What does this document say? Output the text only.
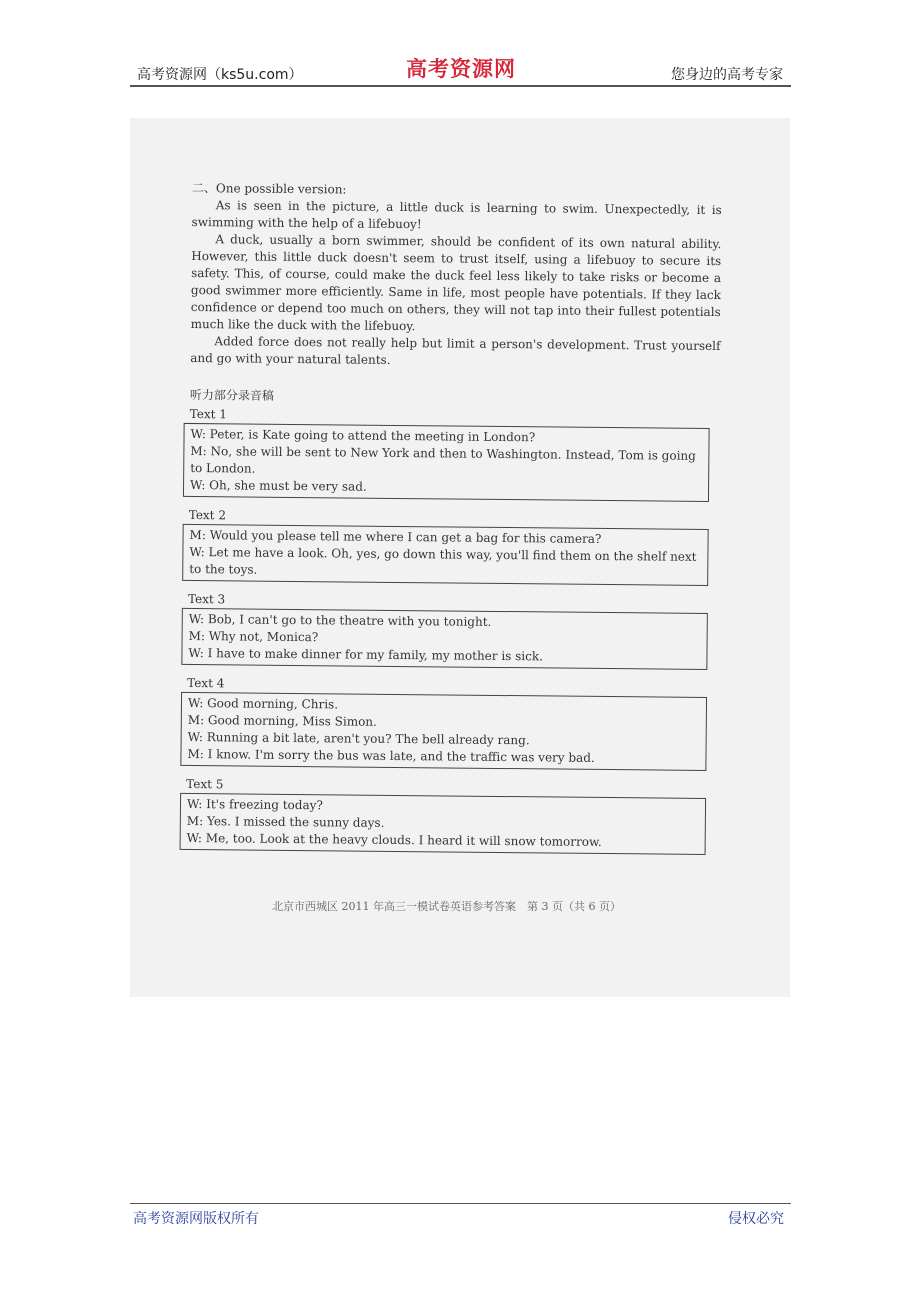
高考资源网（ks5u.com）	高考资源网	您身边的高考专家

二、One possible version:

As is seen in the picture, a little duck is learning to swim. Unexpectedly, it is swimming with the help of a lifebuoy!

A duck, usually a born swimmer, should be confident of its own natural ability. However, this little duck doesn't seem to trust itself, using a lifebuoy to secure its safety. This, of course, could make the duck feel less likely to take risks or become a good swimmer more efficiently. Same in life, most people have potentials. If they lack confidence or depend too much on others, they will not tap into their fullest potentials much like the duck with the lifebuoy.

Added force does not really help but limit a person's development. Trust yourself and go with your natural talents.

听力部分录音稿
Text 1
W: Peter, is Kate going to attend the meeting in London?
M: No, she will be sent to New York and then to Washington. Instead, Tom is going to London.
W: Oh, she must be very sad.
Text 2
M: Would you please tell me where I can get a bag for this camera?
W: Let me have a look. Oh, yes, go down this way, you'll find them on the shelf next to the toys.
Text 3
W: Bob, I can't go to the theatre with you tonight.
M: Why not, Monica?
W: I have to make dinner for my family, my mother is sick.
Text 4
W: Good morning, Chris.
M: Good morning, Miss Simon.
W: Running a bit late, aren't you? The bell already rang.
M: I know. I'm sorry the bus was late, and the traffic was very bad.
Text 5
W: It's freezing today?
M: Yes. I missed the sunny days.
W: Me, too. Look at the heavy clouds. I heard it will snow tomorrow.
北京市西城区 2011 年高三一模试卷英语参考答案　第 3 页（共 6 页）
高考资源网版权所有	侵权必究
